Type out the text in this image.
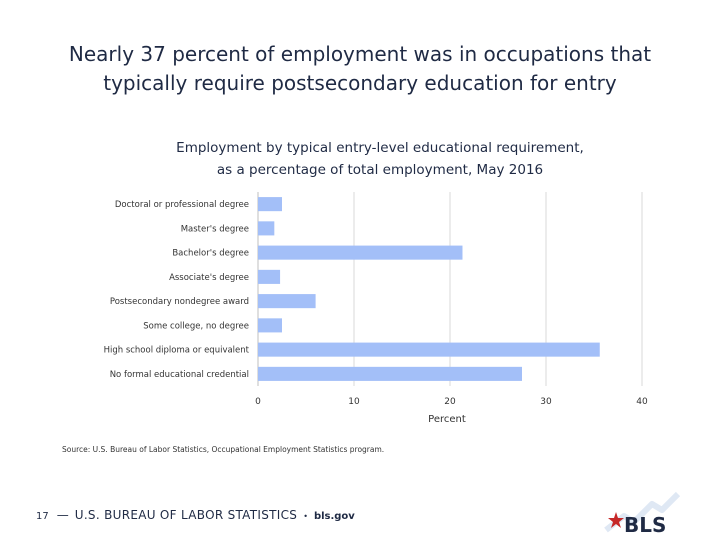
Nearly 37 percent of employment was in occupations that
typically require postsecondary education for entry
Employment by typical entry-level educational requirement,
as a percentage of total employment, May 2016
Doctoral or professional degree
Master's degree
Bachelor's degree
Associate's degree
Postsecondary nondegree award
Some college, no degree
High school diploma or equivalent
No formal educational credential
0	10	20	30	40
Percent
Source: U.S. Bureau of Labor Statistics, Occupational Employment Statistics program.
17 — U.S. BUREAU OF LABOR STATISTICS • bls.gov	BLS
